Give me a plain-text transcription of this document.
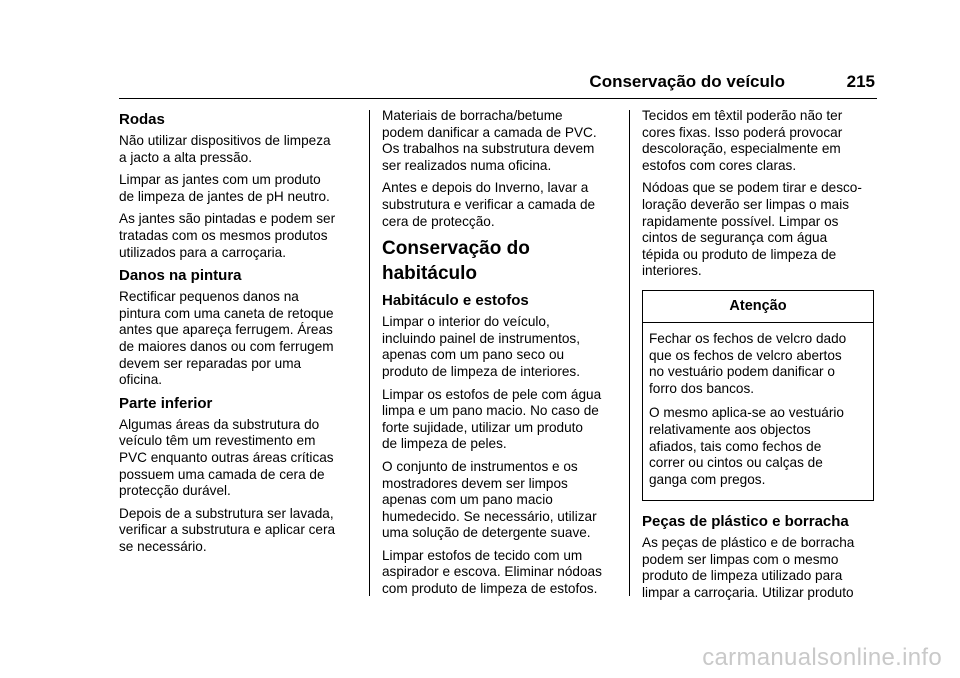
Conservação do veículo	215
Rodas

Não utilizar dispositivos de limpeza
a jacto a alta pressão.

Limpar as jantes com um produto
de limpeza de jantes de pH neutro.

As jantes são pintadas e podem ser
tratadas com os mesmos produtos
utilizados para a carroçaria.

Danos na pintura

Rectificar pequenos danos na
pintura com uma caneta de retoque
antes que apareça ferrugem. Áreas
de maiores danos ou com ferrugem
devem ser reparadas por uma
oficina.

Parte inferior

Algumas áreas da substrutura do
veículo têm um revestimento em
PVC enquanto outras áreas críticas
possuem uma camada de cera de
protecção durável.

Depois de a substrutura ser lavada,
verificar a substrutura e aplicar cera
se necessário.

Materiais de borracha/betume
podem danificar a camada de PVC.
Os trabalhos na substrutura devem
ser realizados numa oficina.

Antes e depois do Inverno, lavar a
substrutura e verificar a camada de
cera de protecção.

Conservação do
habitáculo
Habitáculo e estofos

Limpar o interior do veículo,
incluindo painel de instrumentos,
apenas com um pano seco ou
produto de limpeza de interiores.

Limpar os estofos de pele com água
limpa e um pano macio. No caso de
forte sujidade, utilizar um produto
de limpeza de peles.

O conjunto de instrumentos e os
mostradores devem ser limpos
apenas com um pano macio
humedecido. Se necessário, utilizar
uma solução de detergente suave.

Limpar estofos de tecido com um
aspirador e escova. Eliminar nódoas
com produto de limpeza de estofos.

Tecidos em têxtil poderão não ter
cores fixas. Isso poderá provocar
descoloração, especialmente em
estofos com cores claras.

Nódoas que se podem tirar e desco-
loração deverão ser limpas o mais
rapidamente possível. Limpar os
cintos de segurança com água
tépida ou produto de limpeza de
interiores.

Atenção

Fechar os fechos de velcro dado
que os fechos de velcro abertos
no vestuário podem danificar o
forro dos bancos.

O mesmo aplica-se ao vestuário
relativamente aos objectos
afiados, tais como fechos de
correr ou cintos ou calças de
ganga com pregos.

Peças de plástico e borracha

As peças de plástico e de borracha
podem ser limpas com o mesmo
produto de limpeza utilizado para
limpar a carroçaria. Utilizar produto

carmanualsonline.info
